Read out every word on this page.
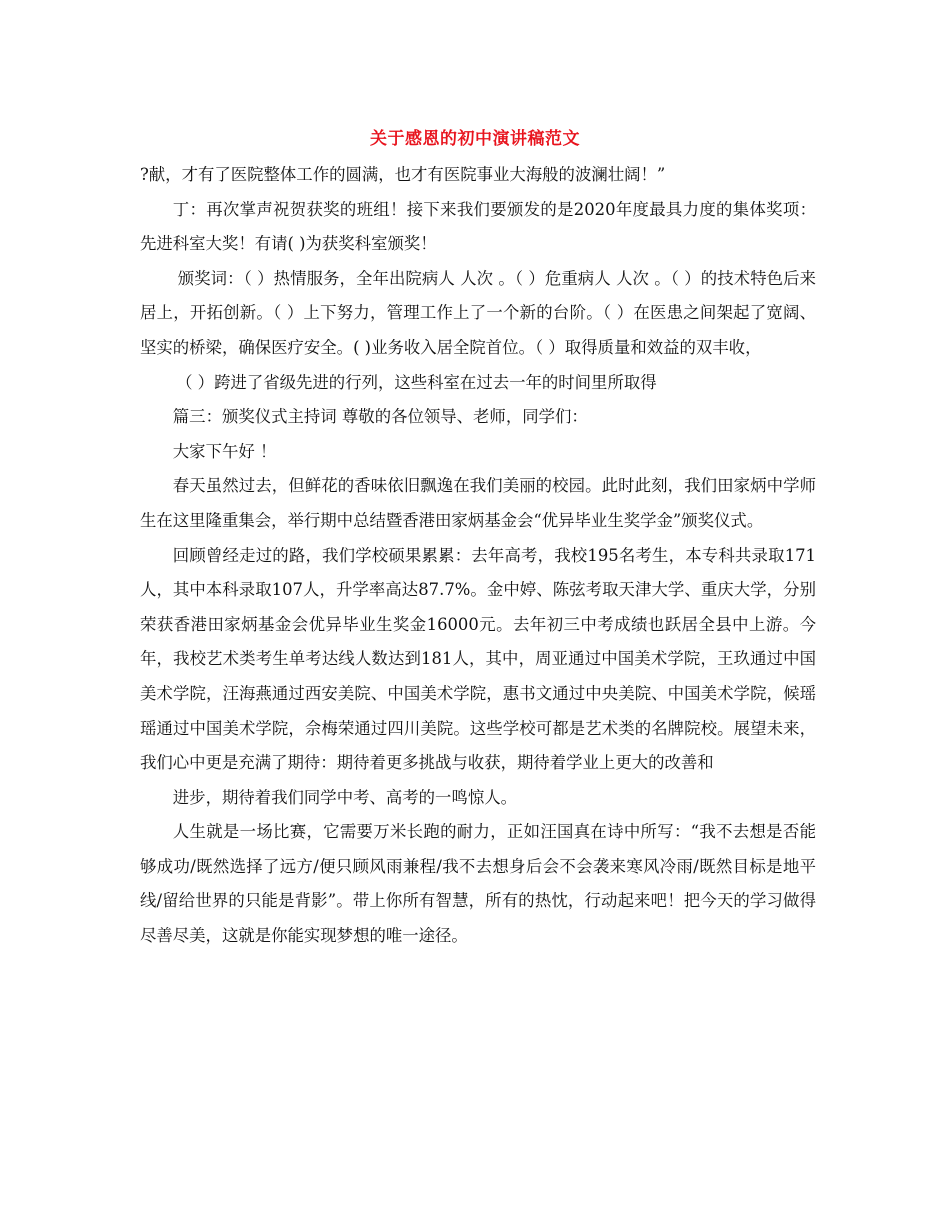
关于感恩的初中演讲稿范文

?献，才有了医院整体工作的圆满，也才有医院事业大海般的波澜壮阔！”

丁：再次掌声祝贺获奖的班组！接下来我们要颁发的是2020年度最具力度的集体奖项：先进科室大奖！有请( )为获奖科室颁奖！

颁奖词：（ ）热情服务，全年出院病人 人次 。（ ）危重病人 人次 。（ ）的技术特色后来居上，开拓创新。（ ）上下努力，管理工作上了一个新的台阶。（ ）在医患之间架起了宽阔、坚实的桥梁，确保医疗安全。( )业务收入居全院首位。（ ）取得质量和效益的双丰收，

（ ）跨进了省级先进的行列，这些科室在过去一年的时间里所取得

篇三：颁奖仪式主持词 尊敬的各位领导、老师，同学们：

大家下午好 ！

春天虽然过去，但鲜花的香味依旧飘逸在我们美丽的校园。此时此刻，我们田家炳中学师生在这里隆重集会，举行期中总结暨香港田家炳基金会“优异毕业生奖学金”颁奖仪式。

回顾曾经走过的路，我们学校硕果累累：去年高考，我校195名考生，本专科共录取171人，其中本科录取107人，升学率高达87.7%。金中婷、陈弦考取天津大学、重庆大学，分别荣获香港田家炳基金会优异毕业生奖金16000元。去年初三中考成绩也跃居全县中上游。今年，我校艺术类考生单考达线人数达到181人，其中，周亚通过中国美术学院，王玖通过中国美术学院，汪海燕通过西安美院、中国美术学院，惠书文通过中央美院、中国美术学院，候瑶瑶通过中国美术学院，佘梅荣通过四川美院。这些学校可都是艺术类的名牌院校。展望未来，我们心中更是充满了期待：期待着更多挑战与收获，期待着学业上更大的改善和

进步，期待着我们同学中考、高考的一鸣惊人。

人生就是一场比赛，它需要万米长跑的耐力，正如汪国真在诗中所写：“我不去想是否能够成功/既然选择了远方/便只顾风雨兼程/我不去想身后会不会袭来寒风冷雨/既然目标是地平线/留给世界的只能是背影”。带上你所有智慧，所有的热忱，行动起来吧！把今天的学习做得尽善尽美，这就是你能实现梦想的唯一途径。
